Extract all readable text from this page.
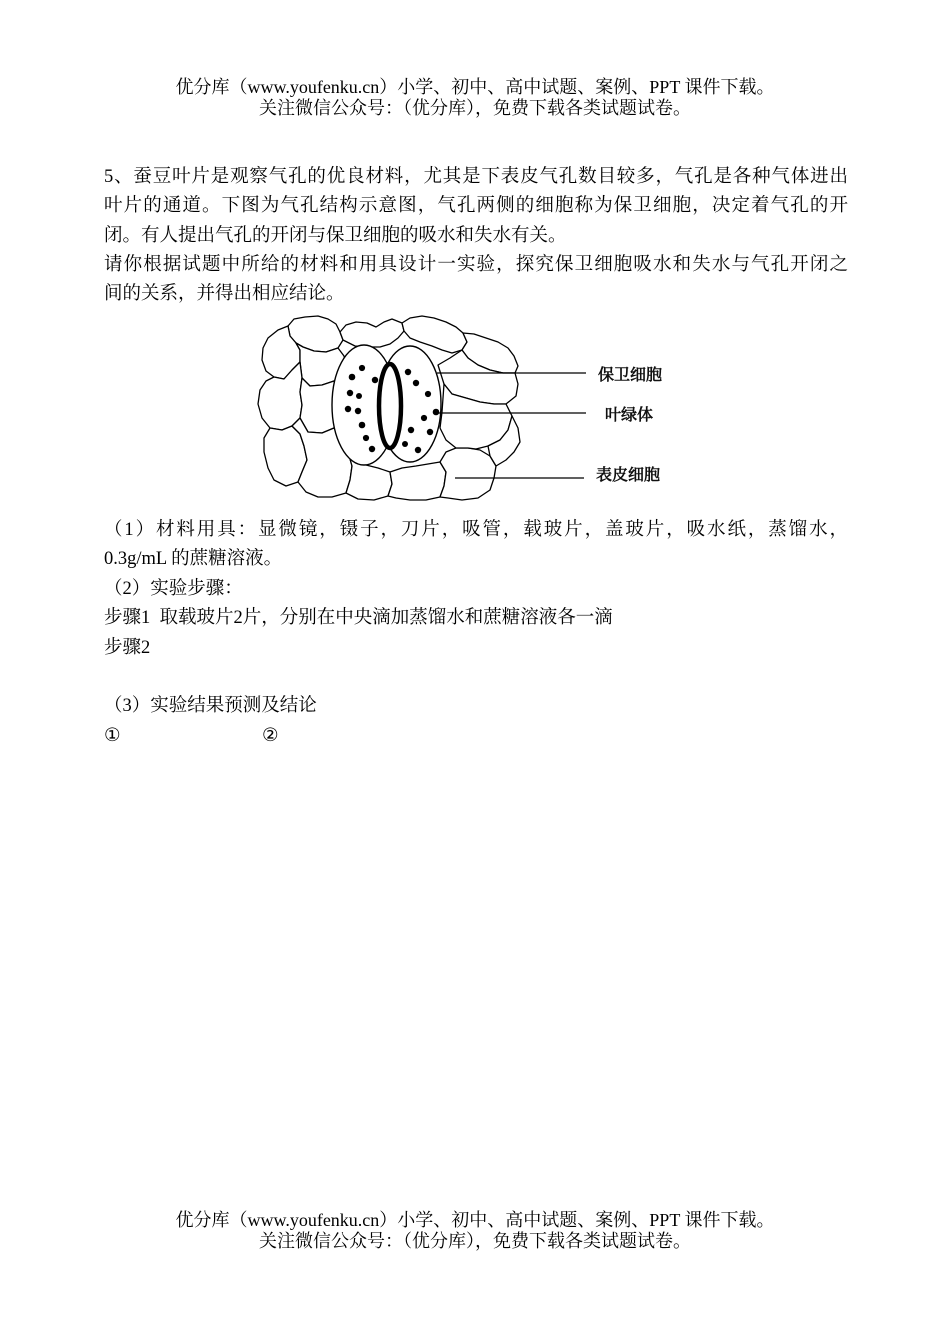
优分库（www.youfenku.cn）小学、初中、高中试题、案例、PPT 课件下载。
关注微信公众号：（优分库），免费下载各类试题试卷。
5、蚕豆叶片是观察气孔的优良材料，尤其是下表皮气孔数目较多，气孔是各种气体进出
叶片的通道。下图为气孔结构示意图，气孔两侧的细胞称为保卫细胞，决定着气孔的开
闭。有人提出气孔的开闭与保卫细胞的吸水和失水有关。
请你根据试题中所给的材料和用具设计一实验，探究保卫细胞吸水和失水与气孔开闭之
间的关系，并得出相应结论。
保卫细胞
叶绿体
表皮细胞
（1）材料用具：显微镜，镊子，刀片，吸管，载玻片，盖玻片，吸水纸，蒸馏水，
0.3g/mL 的蔗糖溶液。
（2）实验步骤：
步骤1  取载玻片2片，分别在中央滴加蒸馏水和蔗糖溶液各一滴
步骤2
（3）实验结果预测及结论
①	②
优分库（www.youfenku.cn）小学、初中、高中试题、案例、PPT 课件下载。
关注微信公众号：（优分库），免费下载各类试题试卷。
